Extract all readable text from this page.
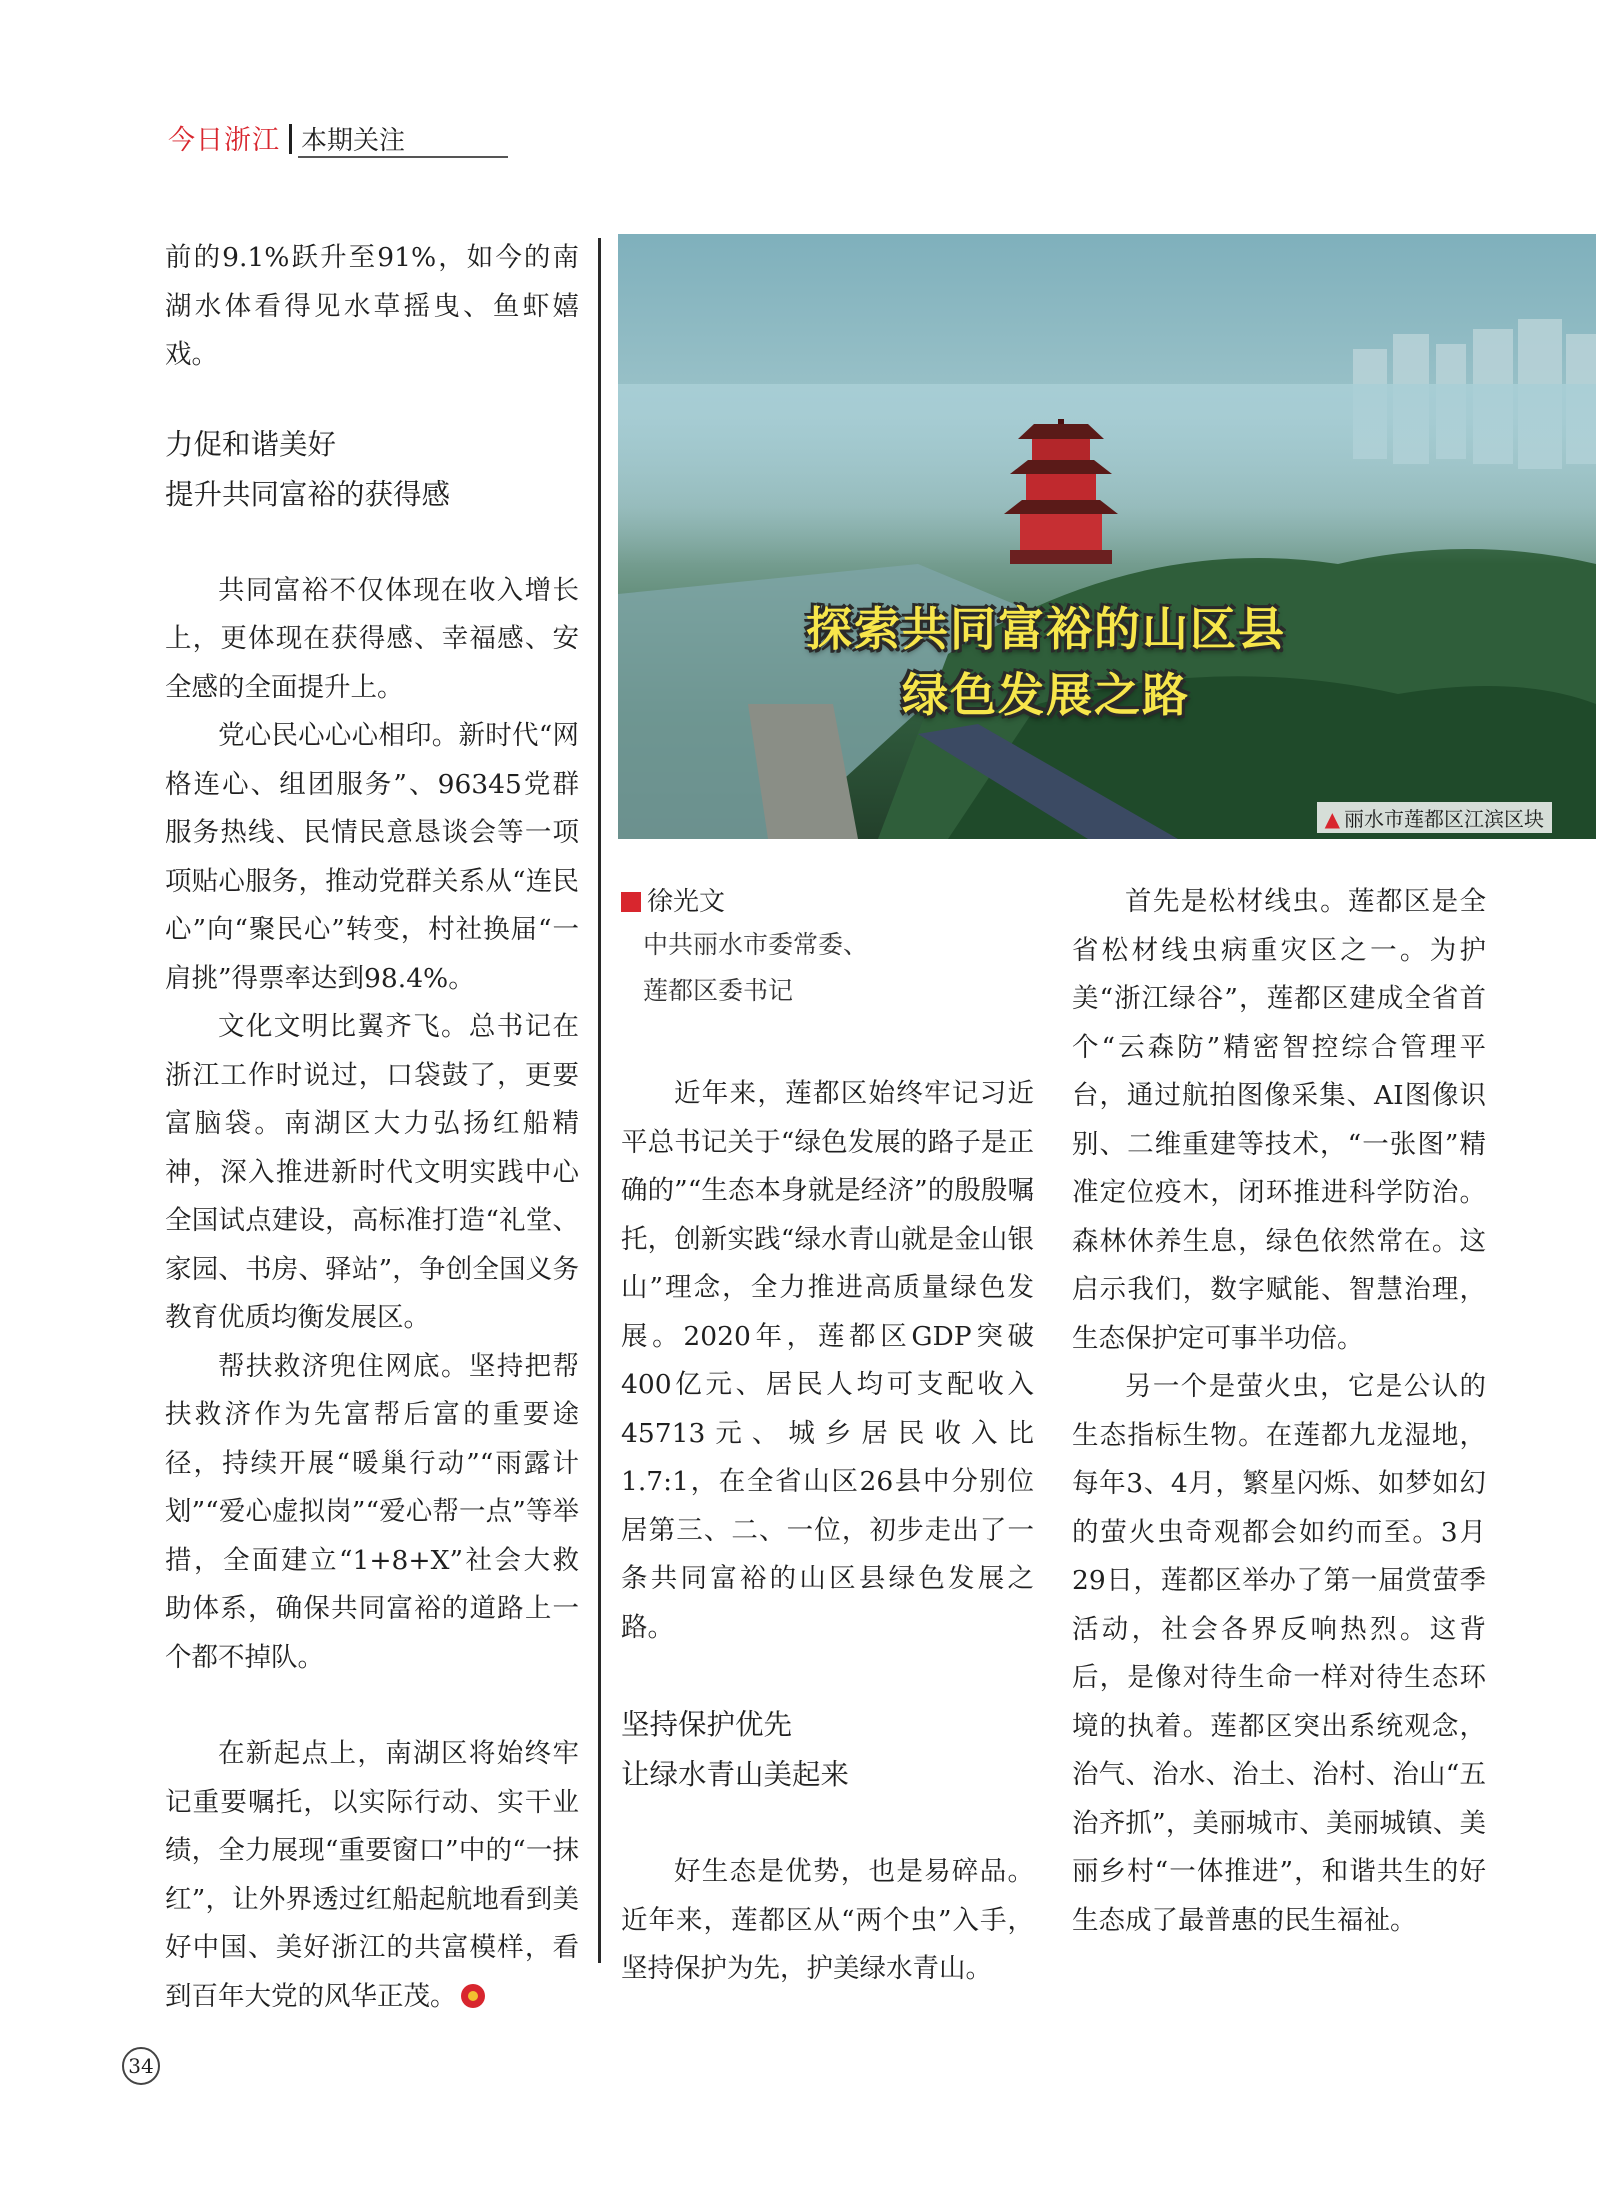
今日浙江 本期关注

前的9.1%跃升至91%，如今的南湖水体看得见水草摇曳、鱼虾嬉戏。

力促和谐美好
提升共同富裕的获得感

共同富裕不仅体现在收入增长上，更体现在获得感、幸福感、安全感的全面提升上。

党心民心心心相印。新时代“网格连心、组团服务”、96345党群服务热线、民情民意恳谈会等一项项贴心服务，推动党群关系从“连民心”向“聚民心”转变，村社换届“一肩挑”得票率达到98.4%。

文化文明比翼齐飞。总书记在浙江工作时说过，口袋鼓了，更要富脑袋。南湖区大力弘扬红船精神，深入推进新时代文明实践中心全国试点建设，高标准打造“礼堂、家园、书房、驿站”，争创全国义务教育优质均衡发展区。

帮扶救济兜住网底。坚持把帮扶救济作为先富帮后富的重要途径，持续开展“暖巢行动”“雨露计划”“爱心虚拟岗”“爱心帮一点”等举措，全面建立“1+8+X”社会大救助体系，确保共同富裕的道路上一个都不掉队。

在新起点上，南湖区将始终牢记重要嘱托，以实际行动、实干业绩，全力展现“重要窗口”中的“一抹红”，让外界透过红船起航地看到美好中国、美好浙江的共富模样，看到百年大党的风华正茂。

探索共同富裕的山区县
绿色发展之路
▲ 丽水市莲都区江滨区块
徐光文
中共丽水市委常委、
莲都区委书记

近年来，莲都区始终牢记习近平总书记关于“绿色发展的路子是正确的”“生态本身就是经济”的殷殷嘱托，创新实践“绿水青山就是金山银山”理念，全力推进高质量绿色发展。2020年，莲都区GDP突破400亿元、居民人均可支配收入45713元、城乡居民收入比1.7:1，在全省山区26县中分别位居第三、二、一位，初步走出了一条共同富裕的山区县绿色发展之路。

坚持保护优先
让绿水青山美起来

好生态是优势，也是易碎品。近年来，莲都区从“两个虫”入手，坚持保护为先，护美绿水青山。

首先是松材线虫。莲都区是全省松材线虫病重灾区之一。为护美“浙江绿谷”，莲都区建成全省首个“云森防”精密智控综合管理平台，通过航拍图像采集、AI图像识别、二维重建等技术，“一张图”精准定位疫木，闭环推进科学防治。森林休养生息，绿色依然常在。这启示我们，数字赋能、智慧治理，生态保护定可事半功倍。

另一个是萤火虫，它是公认的生态指标生物。在莲都九龙湿地，每年3、4月，繁星闪烁、如梦如幻的萤火虫奇观都会如约而至。3月29日，莲都区举办了第一届赏萤季活动，社会各界反响热烈。这背后，是像对待生命一样对待生态环境的执着。莲都区突出系统观念，治气、治水、治土、治村、治山“五治齐抓”，美丽城市、美丽城镇、美丽乡村“一体推进”，和谐共生的好生态成了最普惠的民生福祉。

34
